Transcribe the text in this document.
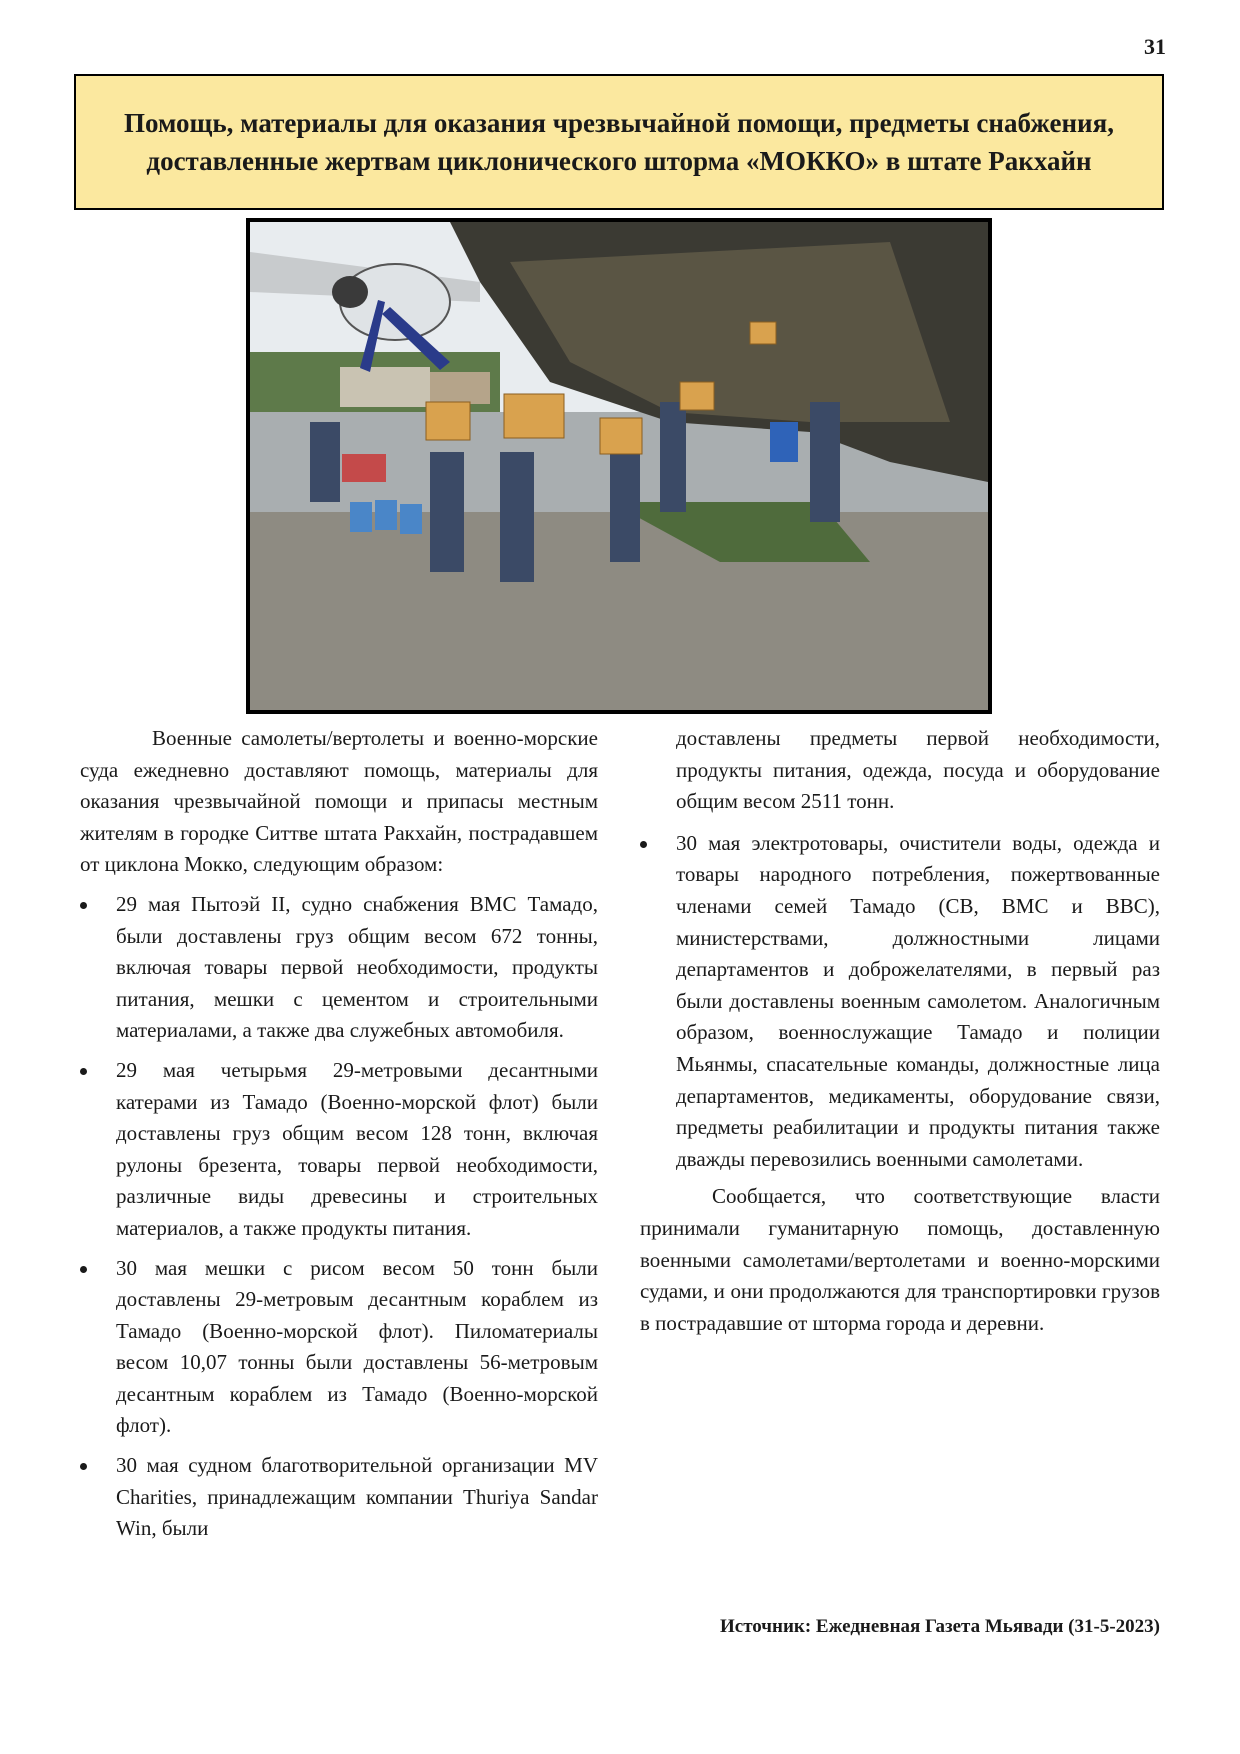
31
Помощь, материалы для оказания чрезвычайной помощи, предметы снабжения, доставленные жертвам циклонического шторма «МОККО» в штате Ракхайн

Военные самолеты/вертолеты и военно-морские суда ежедневно доставляют помощь, материалы для оказания чрезвычайной помощи и припасы местным жителям в городке Ситтве штата Ракхайн, пострадавшем от циклона Мокко, следующим образом:

29 мая Пытоэй II, судно снабжения ВМС Тамадо, были доставлены груз общим весом 672 тонны, включая товары первой необходимости, продукты питания, мешки с цементом и строительными материалами, а также два служебных автомобиля.
29 мая четырьмя 29-метровыми десантными катерами из Тамадо (Военно-морской флот) были доставлены груз общим весом 128 тонн, включая рулоны брезента, товары первой необходимости, различные виды древесины и строительных материалов, а также продукты питания.
30 мая мешки с рисом весом 50 тонн были доставлены 29-метровым десантным кораблем из Тамадо (Военно-морской флот). Пиломатериалы весом 10,07 тонны были доставлены 56-метровым десантным кораблем из Тамадо (Военно-морской флот).
30 мая судном благотворительной организации MV Charities, принадлежащим компании Thuriya Sandar Win, были

доставлены предметы первой необходимости, продукты питания, одежда, посуда и оборудование общим весом 2511 тонн.

30 мая электротовары, очистители воды, одежда и товары народного потребления, пожертвованные членами семей Тамадо (СВ, ВМС и ВВС), министерствами, должностными лицами департаментов и доброжелателями, в первый раз были доставлены военным самолетом. Аналогичным образом, военнослужащие Тамадо и полиции Мьянмы, спасательные команды, должностные лица департаментов, медикаменты, оборудование связи, предметы реабилитации и продукты питания также дважды перевозились военными самолетами.

Сообщается, что соответствующие власти принимали гуманитарную помощь, доставленную военными самолетами/вертолетами и военно-морскими судами, и они продолжаются для транспортировки грузов в пострадавшие от шторма города и деревни.

Источник: Ежедневная Газета Мьявади (31-5-2023)
